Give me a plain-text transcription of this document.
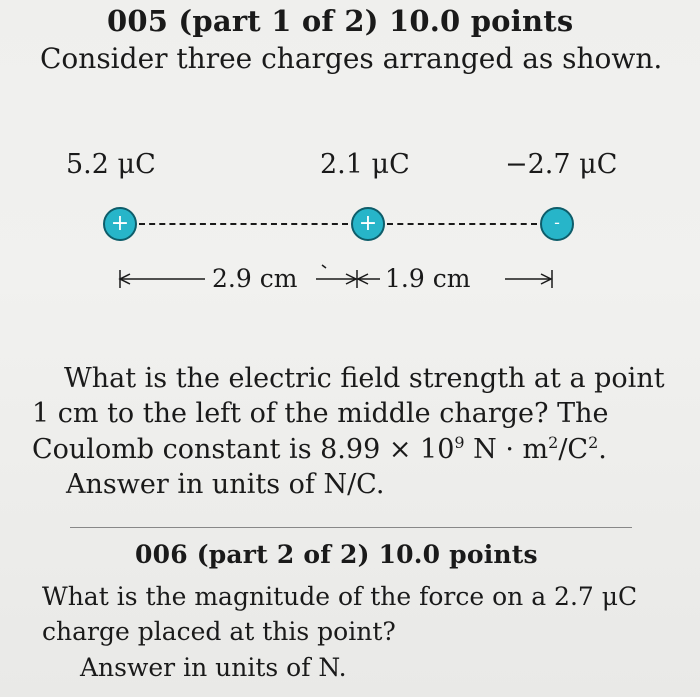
005 (part 1 of 2) 10.0 points
Consider three charges arranged as shown.
5.2 μC	2.1 μC	−2.7 μC
+	+	-
2.9 cm	1.9 cm
What is the electric field strength at a point
1 cm to the left of the middle charge? The
Coulomb constant is $8.99 \times 10^9$ $N \cdot m^2/C^2$.
Answer in units of N/C.
006 (part 2 of 2) 10.0 points
What is the magnitude of the force on a 2.7 μC
charge placed at this point?
Answer in units of N.
